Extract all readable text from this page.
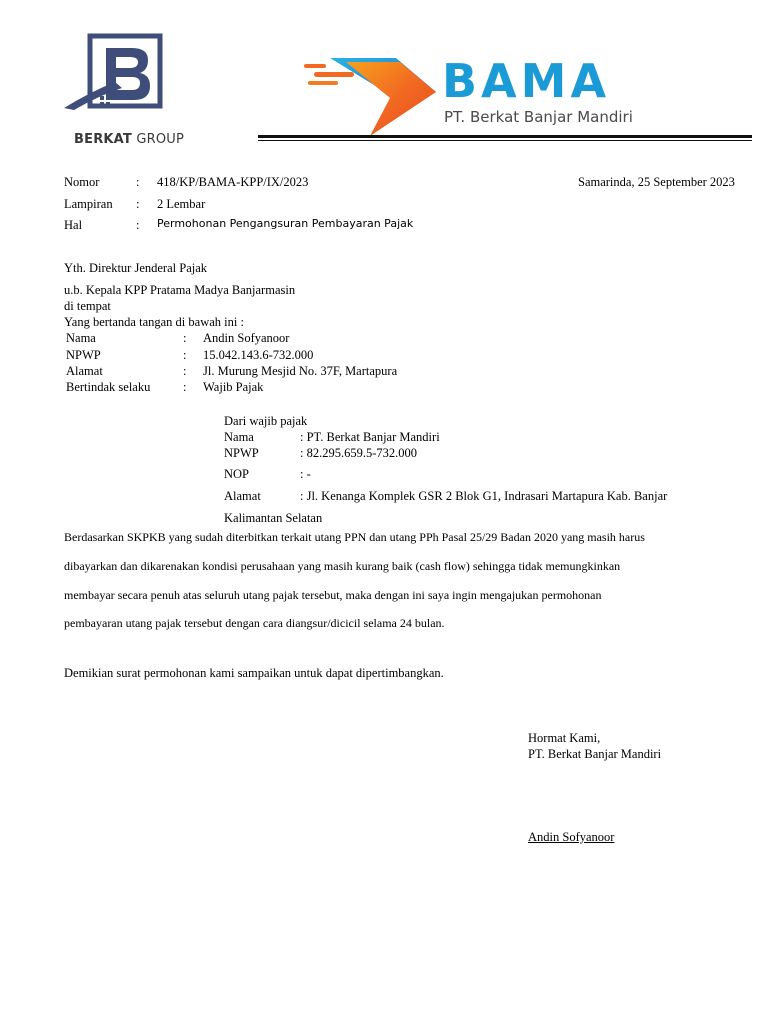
BERKAT GROUP
BAMA
PT. Berkat Banjar Mandiri
Nomor	: 418/KP/BAMA-KPP/IX/2023	Samarinda, 25 September 2023
Lampiran : 2 Lembar
Hal	: Permohonan Pengangsuran Pembayaran Pajak
Yth. Direktur Jenderal Pajak
u.b. Kepala KPP Pratama Madya Banjarmasin
di tempat
Yang bertanda tangan di bawah ini :
Nama	: Andin Sofyanoor
NPWP	: 15.042.143.6-732.000
Alamat	: Jl. Murung Mesjid No. 37F, Martapura
Bertindak selaku	: Wajib Pajak
Dari wajib pajak
Nama	: PT. Berkat Banjar Mandiri
NPWP	: 82.295.659.5-732.000
NOP	: -
Alamat	: Jl. Kenanga Komplek GSR 2 Blok G1, Indrasari Martapura Kab. Banjar
Kalimantan Selatan
Berdasarkan SKPKB yang sudah diterbitkan terkait utang PPN dan utang PPh Pasal 25/29 Badan 2020 yang masih harus
dibayarkan dan dikarenakan kondisi perusahaan yang masih kurang baik (cash flow) sehingga tidak memungkinkan
membayar secara penuh atas seluruh utang pajak tersebut, maka dengan ini saya ingin mengajukan permohonan
pembayaran utang pajak tersebut dengan cara diangsur/dicicil selama 24 bulan.
Demikian surat permohonan kami sampaikan untuk dapat dipertimbangkan.
Hormat Kami,
PT. Berkat Banjar Mandiri
Andin Sofyanoor
